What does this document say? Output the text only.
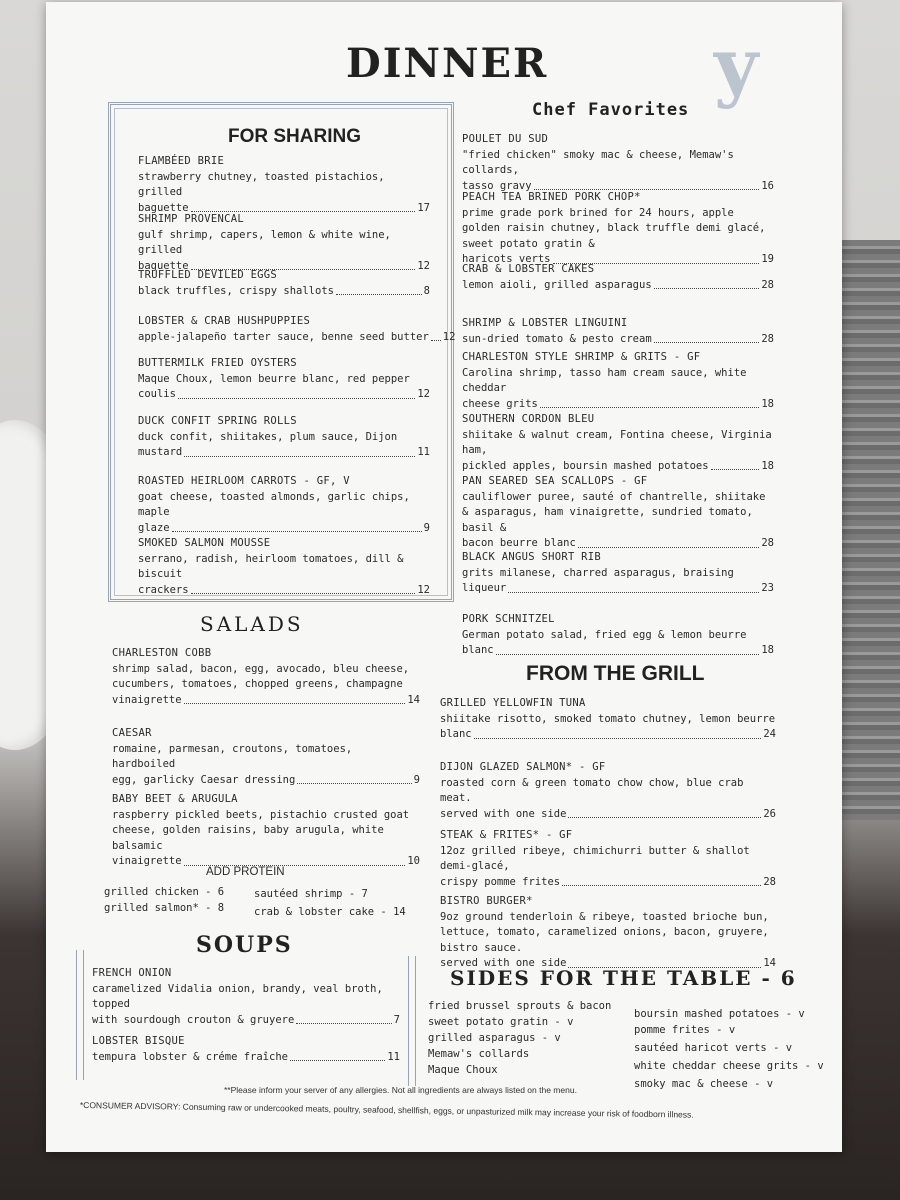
DINNER y
FOR SHARING
FLAMBÉED BRIE
strawberry chutney, toasted pistachios, grilled
baguette	17
SHRIMP PROVENCAL
gulf shrimp, capers, lemon & white wine, grilled
baguette	12
TRUFFLED DEVILED EGGS
black truffles, crispy shallots	8
LOBSTER & CRAB HUSHPUPPIES
apple-jalapeño tarter sauce, benne seed butter 12
BUTTERMILK FRIED OYSTERS
Maque Choux, lemon beurre blanc, red pepper
coulis	12
DUCK CONFIT SPRING ROLLS
duck confit, shiitakes, plum sauce, Dijon
mustard	11
ROASTED HEIRLOOM CARROTS - GF, V
goat cheese, toasted almonds, garlic chips, maple
glaze	9
SMOKED SALMON MOUSSE
serrano, radish, heirloom tomatoes, dill & biscuit
crackers	12
SALADS
CHARLESTON COBB
shrimp salad, bacon, egg, avocado, bleu cheese, cucumbers, tomatoes, chopped greens, champagne
vinaigrette	14
CAESAR
romaine, parmesan, croutons, tomatoes, hardboiled
egg, garlicky Caesar dressing	9
BABY BEET & ARUGULA
raspberry pickled beets, pistachio crusted goat cheese, golden raisins, baby arugula, white balsamic
vinaigrette	10
ADD PROTEIN
grilled chicken - 6	sautéed shrimp - 7
grilled salmon* - 8	crab & lobster cake - 14
SOUPS
FRENCH ONION
caramelized Vidalia onion, brandy, veal broth, topped
with sourdough crouton & gruyere	7
LOBSTER BISQUE
tempura lobster & créme fraîche	11
Chef Favorites
POULET DU SUD
"fried chicken" smoky mac & cheese, Memaw's collards,
tasso gravy	16
PEACH TEA BRINED PORK CHOP*
prime grade pork brined for 24 hours, apple golden raisin chutney, black truffle demi glacé, sweet potato gratin &
haricots verts	19
CRAB & LOBSTER CAKES
lemon aioli, grilled asparagus	28
SHRIMP & LOBSTER LINGUINI
sun-dried tomato & pesto cream	28
CHARLESTON STYLE SHRIMP & GRITS - GF
Carolina shrimp, tasso ham cream sauce, white cheddar
cheese grits	18
SOUTHERN CORDON BLEU
shiitake & walnut cream, Fontina cheese, Virginia ham,
pickled apples, boursin mashed potatoes	18
PAN SEARED SEA SCALLOPS - GF
cauliflower puree, sauté of chantrelle, shiitake & asparagus, ham vinaigrette, sundried tomato, basil &
bacon beurre blanc	28
BLACK ANGUS SHORT RIB
grits milanese, charred asparagus, braising
liqueur	23
PORK SCHNITZEL
German potato salad, fried egg & lemon beurre
blanc	18
FROM THE GRILL
GRILLED YELLOWFIN TUNA
shiitake risotto, smoked tomato chutney, lemon beurre
blanc	24
DIJON GLAZED SALMON* - GF
roasted corn & green tomato chow chow, blue crab meat.
served with one side	26
STEAK & FRITES* - GF
12oz grilled ribeye, chimichurri butter & shallot demi-glacé,
crispy pomme frites	28
BISTRO BURGER*
9oz ground tenderloin & ribeye, toasted brioche bun, lettuce, tomato, caramelized onions, bacon, gruyere, bistro sauce.
served with one side	14
SIDES FOR THE TABLE - 6
fried brussel sprouts & bacon
sweet potato gratin - v
grilled asparagus - v
Memaw's collards
Maque Choux
boursin mashed potatoes - v
pomme frites - v
sautéed haricot verts - v
white cheddar cheese grits - v
smoky mac & cheese - v
**Please inform your server of any allergies. Not all ingredients are always listed on the menu.
*CONSUMER ADVISORY: Consuming raw or undercooked meats, poultry, seafood, shellfish, eggs, or unpasturized milk may increase your risk of foodborn illness.
